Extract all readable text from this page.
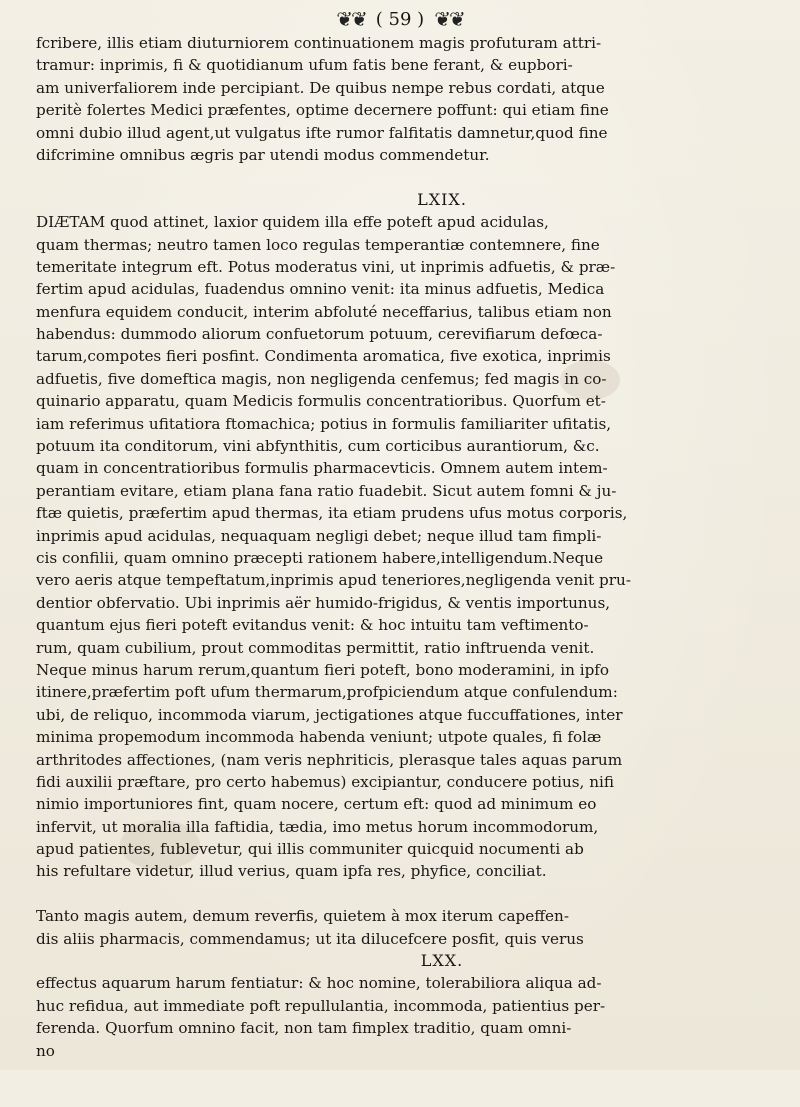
❦❦ ( 59 ) ❦❦
fcribere, illis etiam diuturniorem continuationem magis profuturam attri-
tramur: inprimis, fi & quotidianum ufum fatis bene ferant, & eupbori-
am univerfaliorem inde percipiant. De quibus nempe rebus cordati, atque
peritè folertes Medici præfentes, optime decernere poffunt: qui etiam fine
omni dubio illud agent,ut vulgatus ifte rumor falfitatis damnetur,quod fine
difcrimine omnibus ægris par utendi modus commendetur.
LXIX.
DIÆTAM quod attinet, laxior quidem illa effe poteft apud acidulas,
quam thermas; neutro tamen loco regulas temperantiæ contemnere, fine
temeritate integrum eft. Potus moderatus vini, ut inprimis adfuetis, & præ-
fertim apud acidulas, fuadendus omnino venit: ita minus adfuetis, Medica
menfura equidem conducit, interim abfoluté neceffarius, talibus etiam non
habendus: dummodo aliorum confuetorum potuum, cerevifiarum defœca-
tarum,compotes fieri posfint. Condimenta aromatica, five exotica, inprimis
adfuetis, five domeftica magis, non negligenda cenfemus; fed magis in co-
quinario apparatu, quam Medicis formulis concentratioribus. Quorfum et-
iam referimus ufitatiora ftomachica; potius in formulis familiariter ufitatis,
potuum ita conditorum, vini abfynthitis, cum corticibus aurantiorum, &c.
quam in concentratioribus formulis pharmacevticis. Omnem autem intem-
perantiam evitare, etiam plana fana ratio fuadebit. Sicut autem fomni & ju-
ftæ quietis, præfertim apud thermas, ita etiam prudens ufus motus corporis,
inprimis apud acidulas, nequaquam negligi debet; neque illud tam fimpli-
cis confilii, quam omnino præcepti rationem habere,intelligendum.Neque
vero aeris atque tempeftatum,inprimis apud teneriores,negligenda venit pru-
dentior obfervatio. Ubi inprimis aër humido-frigidus, & ventis importunus,
quantum ejus fieri poteft evitandus venit: & hoc intuitu tam veftimento-
rum, quam cubilium, prout commoditas permittit, ratio inftruenda venit.
Neque minus harum rerum,quantum fieri poteft, bono moderamini, in ipfo
itinere,præfertim poft ufum thermarum,profpiciendum atque confulendum:
ubi, de reliquo, incommoda viarum, jectigationes atque fuccuffationes, inter
minima propemodum incommoda habenda veniunt; utpote quales, fi folæ
arthritodes affectiones, (nam veris nephriticis, plerasque tales aquas parum
fidi auxilii præftare, pro certo habemus) excipiantur, conducere potius, nifi
nimio importuniores fint, quam nocere, certum eft: quod ad minimum eo
infervit, ut moralia illa faftidia, tædia, imo metus horum incommodorum,
apud patientes, fublevetur, qui illis communiter quicquid nocumenti ab
his refultare videtur, illud verius, quam ipfa res, phyfice, conciliat.
Tanto magis autem, demum reverfis, quietem à mox iterum capeffen-
dis aliis pharmacis, commendamus; ut ita dilucefcere posfit, quis verus
LXX.
effectus aquarum harum fentiatur: & hoc nomine, tolerabiliora aliqua ad-
huc refidua, aut immediate poft repullulantia, incommoda, patientius per-
ferenda. Quorfum omnino facit, non tam fimplex traditio, quam omni-
no
